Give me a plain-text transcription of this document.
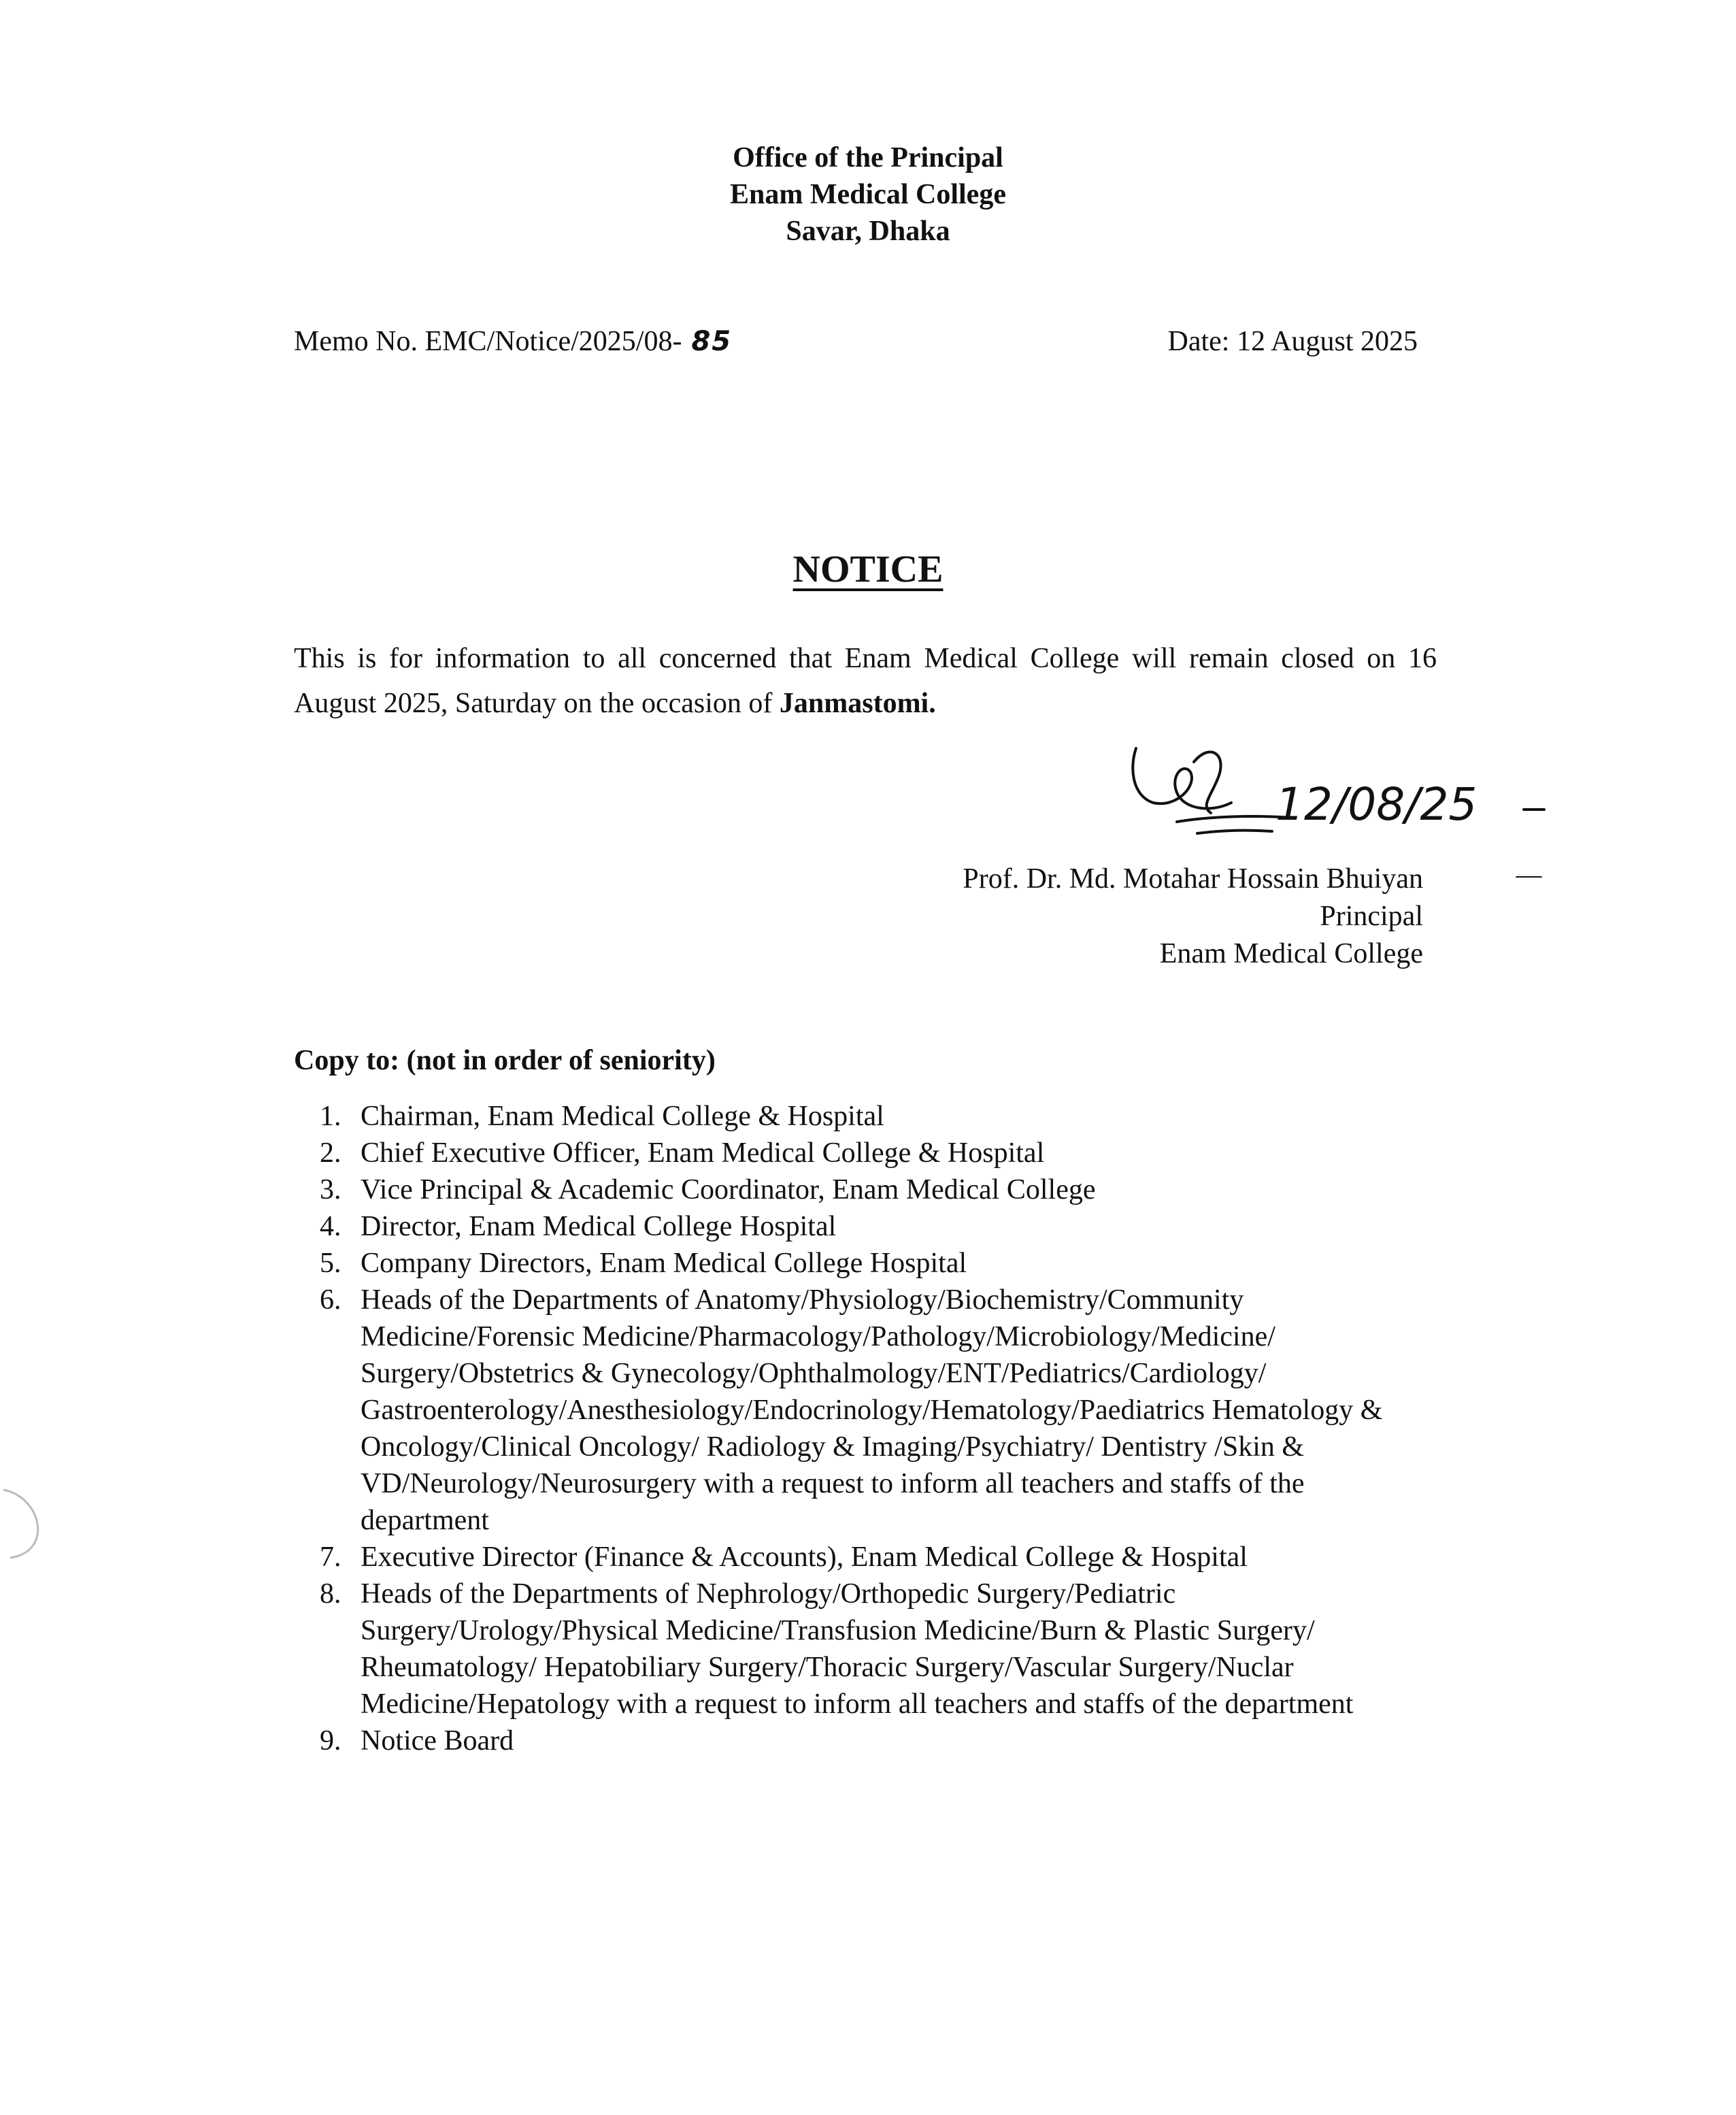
Office of the Principal
Enam Medical College
Savar, Dhaka
Memo No. EMC/Notice/2025/08- 85	Date: 12 August 2025
NOTICE
This is for information to all concerned that Enam Medical College will remain closed on 16 August 2025, Saturday on the occasion of Janmastomi.
12/08/25
Prof. Dr. Md. Motahar Hossain Bhuiyan
Principal
Enam Medical College
Copy to: (not in order of seniority)
1. Chairman, Enam Medical College & Hospital
2. Chief Executive Officer, Enam Medical College & Hospital
3. Vice Principal & Academic Coordinator, Enam Medical College
4. Director, Enam Medical College Hospital
5. Company Directors, Enam Medical College Hospital
6. Heads of the Departments of Anatomy/Physiology/Biochemistry/Community Medicine/Forensic Medicine/Pharmacology/Pathology/Microbiology/Medicine/ Surgery/Obstetrics & Gynecology/Ophthalmology/ENT/Pediatrics/Cardiology/ Gastroenterology/Anesthesiology/Endocrinology/Hematology/Paediatrics Hematology & Oncology/Clinical Oncology/ Radiology & Imaging/Psychiatry/ Dentistry /Skin & VD/Neurology/Neurosurgery with a request to inform all teachers and staffs of the department
7. Executive Director (Finance & Accounts), Enam Medical College & Hospital
8. Heads of the Departments of Nephrology/Orthopedic Surgery/Pediatric Surgery/Urology/Physical Medicine/Transfusion Medicine/Burn & Plastic Surgery/ Rheumatology/ Hepatobiliary Surgery/Thoracic Surgery/Vascular Surgery/Nuclar Medicine/Hepatology with a request to inform all teachers and staffs of the department
9. Notice Board
